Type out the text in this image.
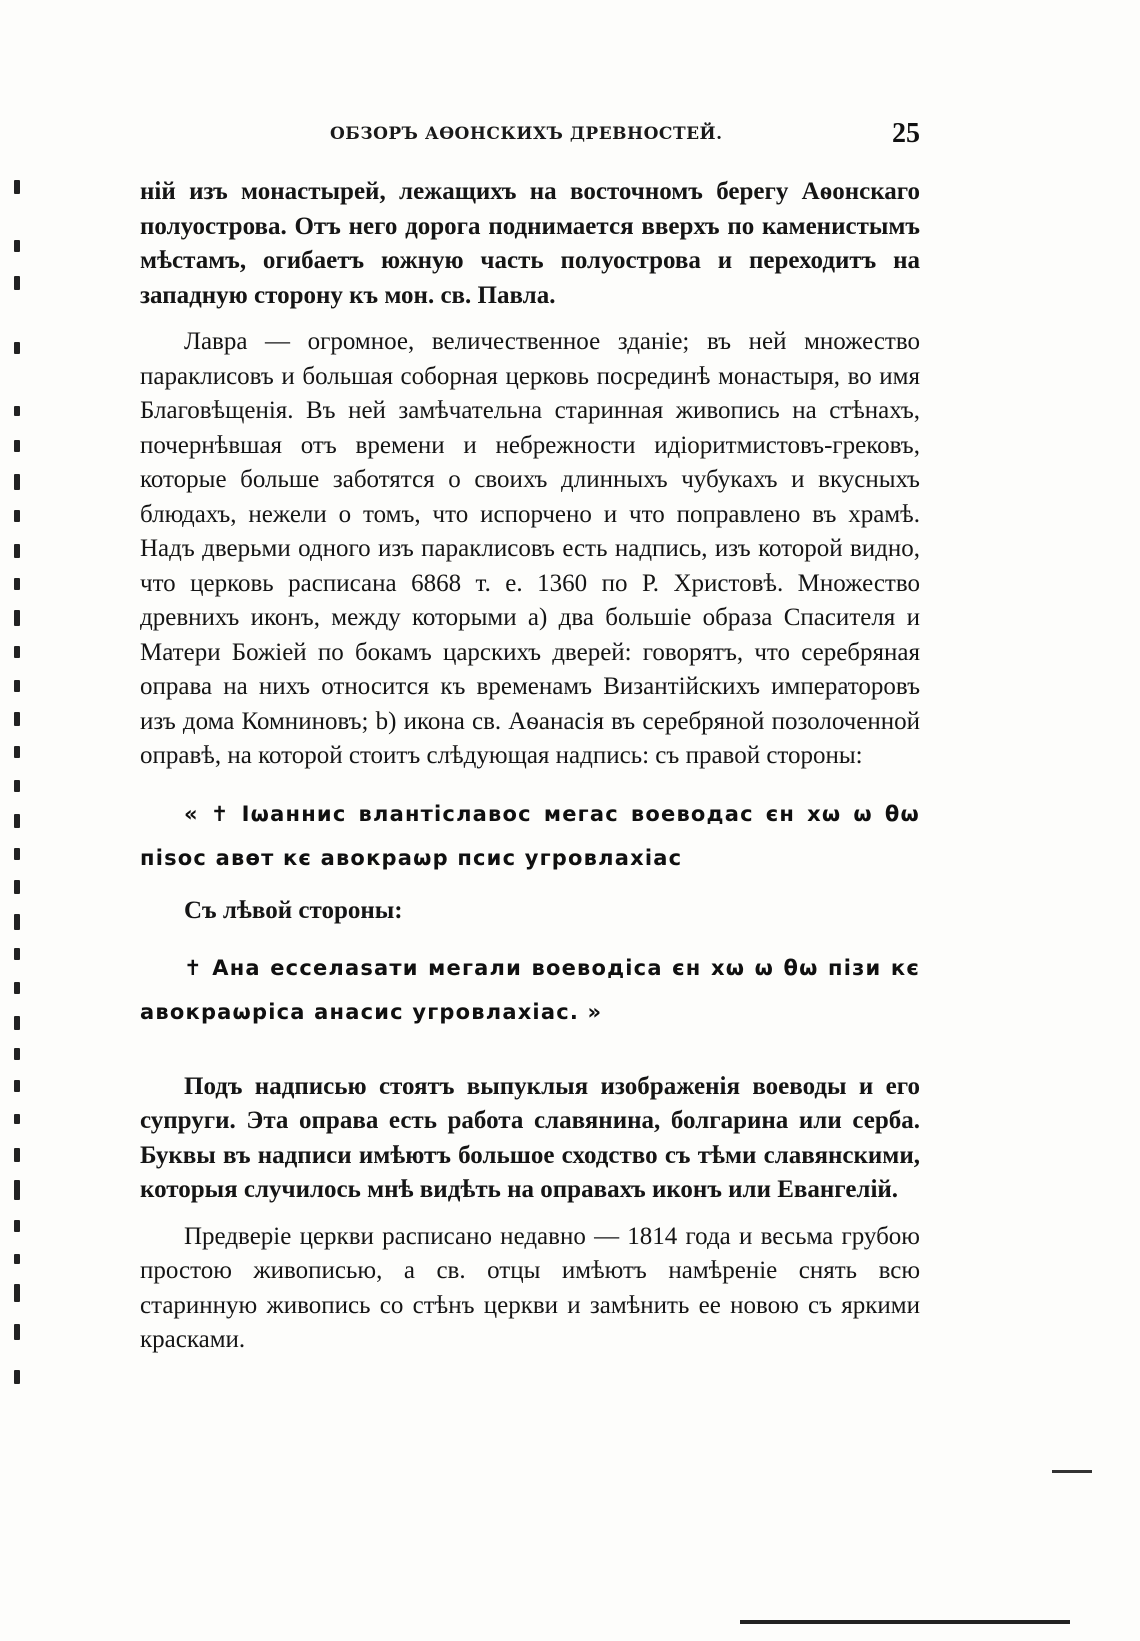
ОБЗОРЪ АѲОНСКИХЪ ДРЕВНОСТЕЙ.	25

ній изъ монастырей, лежащихъ на восточномъ берегу Аѳонскаго полуострова. Отъ него дорога поднимается вверхъ по каменистымъ мѣстамъ, огибаетъ южную часть полуострова и переходитъ на западную сторону къ мон. св. Павла.

Лавра — огромное, величественное зданіе; въ ней множество параклисовъ и большая соборная церковь посрединѣ монастыря, во имя Благовѣщенія. Въ ней замѣчательна старинная живопись на стѣнахъ, почернѣвшая отъ времени и небрежности идіоритмистовъ-грековъ, которые больше заботятся о своихъ длинныхъ чубукахъ и вкусныхъ блюдахъ, нежели о томъ, что испорчено и что поправлено въ храмѣ. Надъ дверьми одного изъ параклисовъ есть надпись, изъ которой видно, что церковь расписана 6868 т. е. 1360 по Р. Христовѣ. Множество древнихъ иконъ, между которыми а) два большіе образа Спасителя и Матери Божіей по бокамъ царскихъ дверей: говорятъ, что серебряная оправа на нихъ относится къ временамъ Византійскихъ императоровъ изъ дома Комниновъ; b) икона св. Аѳанасія въ серебряной позолоченной оправѣ, на которой стоитъ слѣдующая надпись: съ правой стороны:

« ✝ Іωаннис влантіславос мегас воеводас єн хѡ ѡ θѡ пisoc авѳт кє авокраѡр псис угровлахіас
Съ лѣвой стороны:
✝ Ана есселаsати мегали воеводіса єн хѡ ѡ θѡ пізи кє авокраѡріса анасис угровлахіас. »

Подъ надписью стоятъ выпуклыя изображенія воеводы и его супруги. Эта оправа есть работа славянина, болгарина или серба. Буквы въ надписи имѣютъ большое сходство съ тѣми славянскими, которыя случилось мнѣ видѣть на оправахъ иконъ или Евангелій.

Предверіе церкви расписано недавно — 1814 года и весьма грубою простою живописью, а св. отцы имѣютъ намѣреніе снять всю старинную живопись со стѣнъ церкви и замѣнить ее новою съ яркими красками.
